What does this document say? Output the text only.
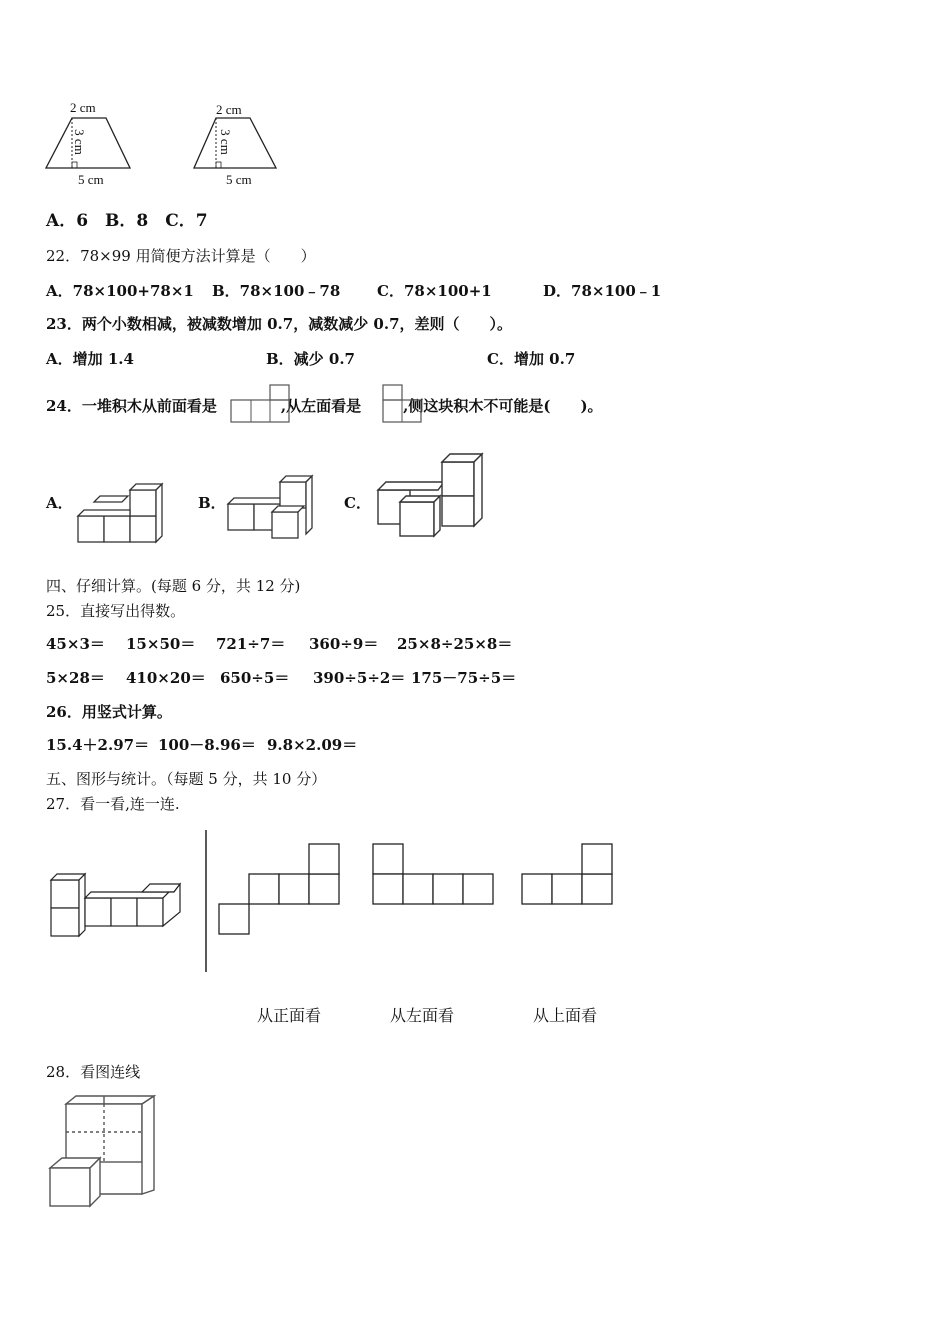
2 cm
3 cm
5 cm
2 cm
3 cm
5 cm
A．6　B．8　C．7
22．78×99 用简便方法计算是（　　）
A．78×100+78×1 B．78×100﹣78 C．78×100+1	D．78×100﹣1
23．两个小数相减，被减数增加 0.7，减数减少 0.7，差则（　　）。
A．增加 1.4	B．减少 0.7	C．增加 0.7
24．一堆积木从前面看是	,从左面看是	,侧这块积木不可能是(　　)。
A．	B．	C．
四、仔细计算。(每题 6 分，共 12 分)
25．直接写出得数。
45×3＝ 15×50＝ 721÷7＝ 360÷9＝ 25×8÷25×8＝
5×28＝ 410×20＝ 650÷5＝ 390÷5÷2＝ 175－75÷5＝
26．用竖式计算。
15.4＋2.97＝ 100－8.96＝ 9.8×2.09＝
五、图形与统计。（每题 5 分，共 10 分）
27．看一看,连一连.
从正面看	从左面看	从上面看
28．看图连线
